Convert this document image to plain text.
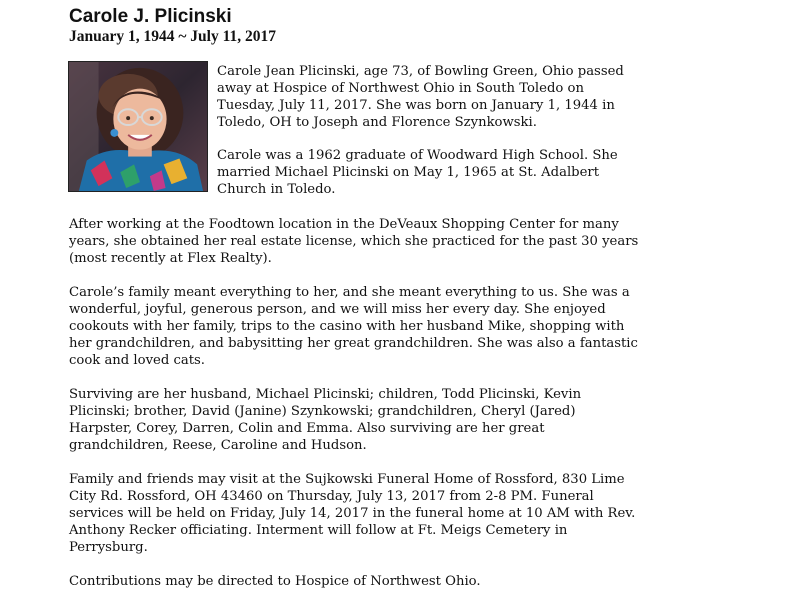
Carole J. Plicinski
January 1, 1944 ~ July 11, 2017

Carole Jean Plicinski, age 73, of Bowling Green, Ohio passed
away at Hospice of Northwest Ohio in South Toledo on
Tuesday, July 11, 2017. She was born on January 1, 1944 in
Toledo, OH to Joseph and Florence Szynkowski.

Carole was a 1962 graduate of Woodward High School. She
married Michael Plicinski on May 1, 1965 at St. Adalbert
Church in Toledo.

After working at the Foodtown location in the DeVeaux Shopping Center for many
years, she obtained her real estate license, which she practiced for the past 30 years
(most recently at Flex Realty).

Carole’s family meant everything to her, and she meant everything to us. She was a
wonderful, joyful, generous person, and we will miss her every day. She enjoyed
cookouts with her family, trips to the casino with her husband Mike, shopping with
her grandchildren, and babysitting her great grandchildren. She was also a fantastic
cook and loved cats.

Surviving are her husband, Michael Plicinski; children, Todd Plicinski, Kevin
Plicinski; brother, David (Janine) Szynkowski; grandchildren, Cheryl (Jared)
Harpster, Corey, Darren, Colin and Emma. Also surviving are her great
grandchildren, Reese, Caroline and Hudson.

Family and friends may visit at the Sujkowski Funeral Home of Rossford, 830 Lime
City Rd. Rossford, OH 43460 on Thursday, July 13, 2017 from 2-8 PM. Funeral
services will be held on Friday, July 14, 2017 in the funeral home at 10 AM with Rev.
Anthony Recker officiating. Interment will follow at Ft. Meigs Cemetery in
Perrysburg.

Contributions may be directed to Hospice of Northwest Ohio.
